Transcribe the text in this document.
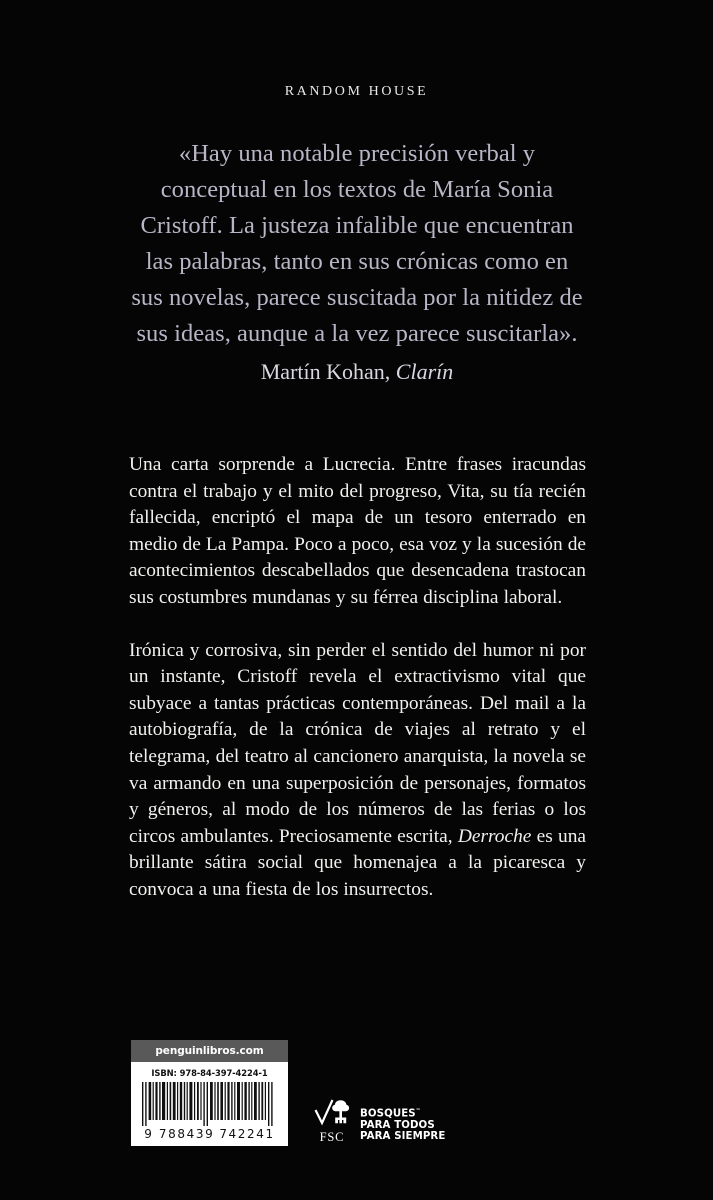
RANDOM HOUSE

«Hay una notable precisión verbal y conceptual en los textos de María Sonia Cristoff. La justeza infalible que encuentran las palabras, tanto en sus crónicas como en sus novelas, parece suscitada por la nitidez de sus ideas, aunque a la vez parece suscitarla».

Martín Kohan, Clarín

Una carta sorprende a Lucrecia. Entre frases iracundas contra el trabajo y el mito del progreso, Vita, su tía recién fallecida, encriptó el mapa de un tesoro enterrado en medio de La Pampa. Poco a poco, esa voz y la sucesión de acontecimientos descabellados que desencadena trastocan sus costumbres mundanas y su férrea disciplina laboral.

Irónica y corrosiva, sin perder el sentido del humor ni por un instante, Cristoff revela el extractivismo vital que subyace a tantas prácticas contemporáneas. Del mail a la autobiografía, de la crónica de viajes al retrato y el telegrama, del teatro al cancionero anarquista, la novela se va armando en una superposición de personajes, formatos y géneros, al modo de los números de las ferias o los circos ambulantes. Preciosamente escrita, Derroche es una brillante sátira social que homenajea a la picaresca y convoca a una fiesta de los insurrectos.

penguinlibros.com
ISBN: 978-84-397-4224-1
9 788439 742241	FSC
BOSQUES™
PARA TODOS
PARA SIEMPRE
